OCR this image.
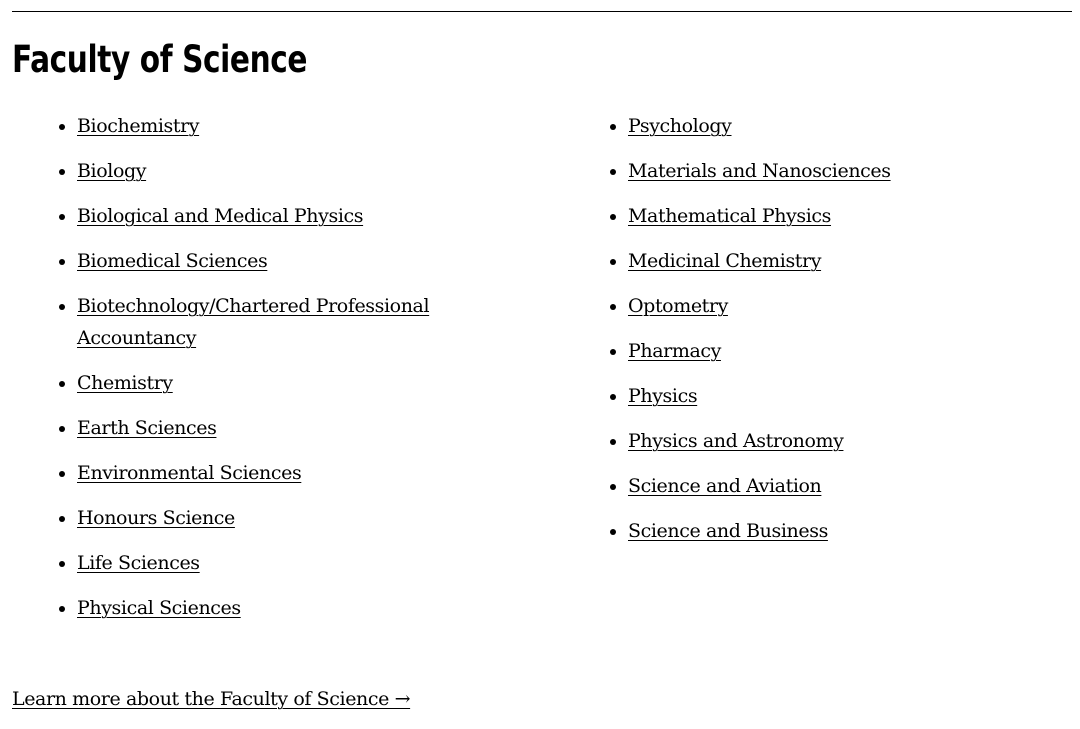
Faculty of Science
Biochemistry
Biology
Biological and Medical Physics
Biomedical Sciences
Biotechnology/Chartered Professional Accountancy
Chemistry
Earth Sciences
Environmental Sciences
Honours Science
Life Sciences
Physical Sciences
Psychology
Materials and Nanosciences
Mathematical Physics
Medicinal Chemistry
Optometry
Pharmacy
Physics
Physics and Astronomy
Science and Aviation
Science and Business
Learn more about the Faculty of Science →
